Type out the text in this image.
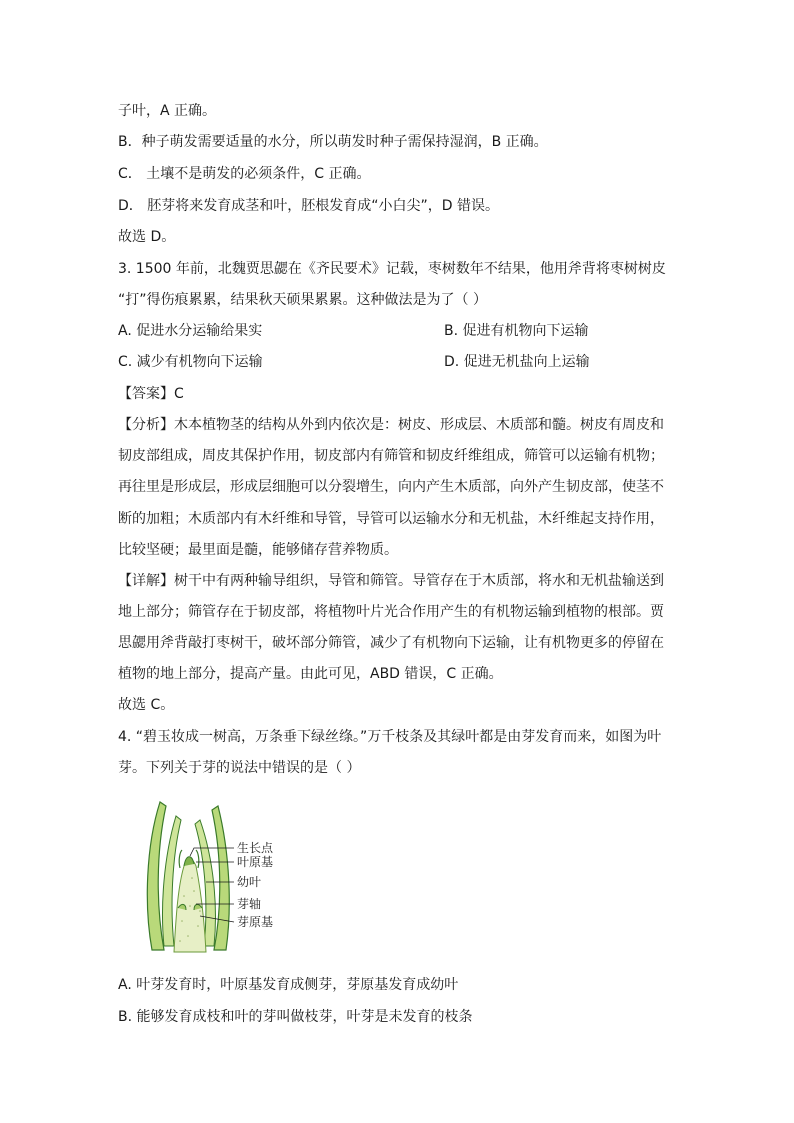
子叶，A 正确。
B．种子萌发需要适量的水分，所以萌发时种子需保持湿润，B 正确。
C． 土壤不是萌发的必须条件，C 正确。
D． 胚芽将来发育成茎和叶，胚根发育成“小白尖”，D 错误。
故选 D。
3. 1500 年前，北魏贾思勰在《齐民要术》记载，枣树数年不结果，他用斧背将枣树树皮
“打”得伤痕累累，结果秋天硕果累累。这种做法是为了（ ）
A. 促进水分运输给果实	B. 促进有机物向下运输
C. 减少有机物向下运输	D. 促进无机盐向上运输
【答案】C
【分析】木本植物茎的结构从外到内依次是：树皮、形成层、木质部和髓。树皮有周皮和
韧皮部组成，周皮其保护作用，韧皮部内有筛管和韧皮纤维组成，筛管可以运输有机物；
再往里是形成层，形成层细胞可以分裂增生，向内产生木质部，向外产生韧皮部，使茎不
断的加粗；木质部内有木纤维和导管，导管可以运输水分和无机盐，木纤维起支持作用，
比较坚硬；最里面是髓，能够储存营养物质。
【详解】树干中有两种输导组织，导管和筛管。导管存在于木质部，将水和无机盐输送到
地上部分；筛管存在于韧皮部，将植物叶片光合作用产生的有机物运输到植物的根部。贾
思勰用斧背敲打枣树干，破坏部分筛管，减少了有机物向下运输，让有机物更多的停留在
植物的地上部分，提高产量。由此可见，ABD 错误，C 正确。
故选 C。
4. “碧玉妆成一树高，万条垂下绿丝绦。”万千枝条及其绿叶都是由芽发育而来，如图为叶
芽。下列关于芽的说法中错误的是（ ）
生长点
叶原基
幼叶
芽轴
芽原基
A. 叶芽发育时，叶原基发育成侧芽，芽原基发育成幼叶
B. 能够发育成枝和叶的芽叫做枝芽，叶芽是未发育的枝条
